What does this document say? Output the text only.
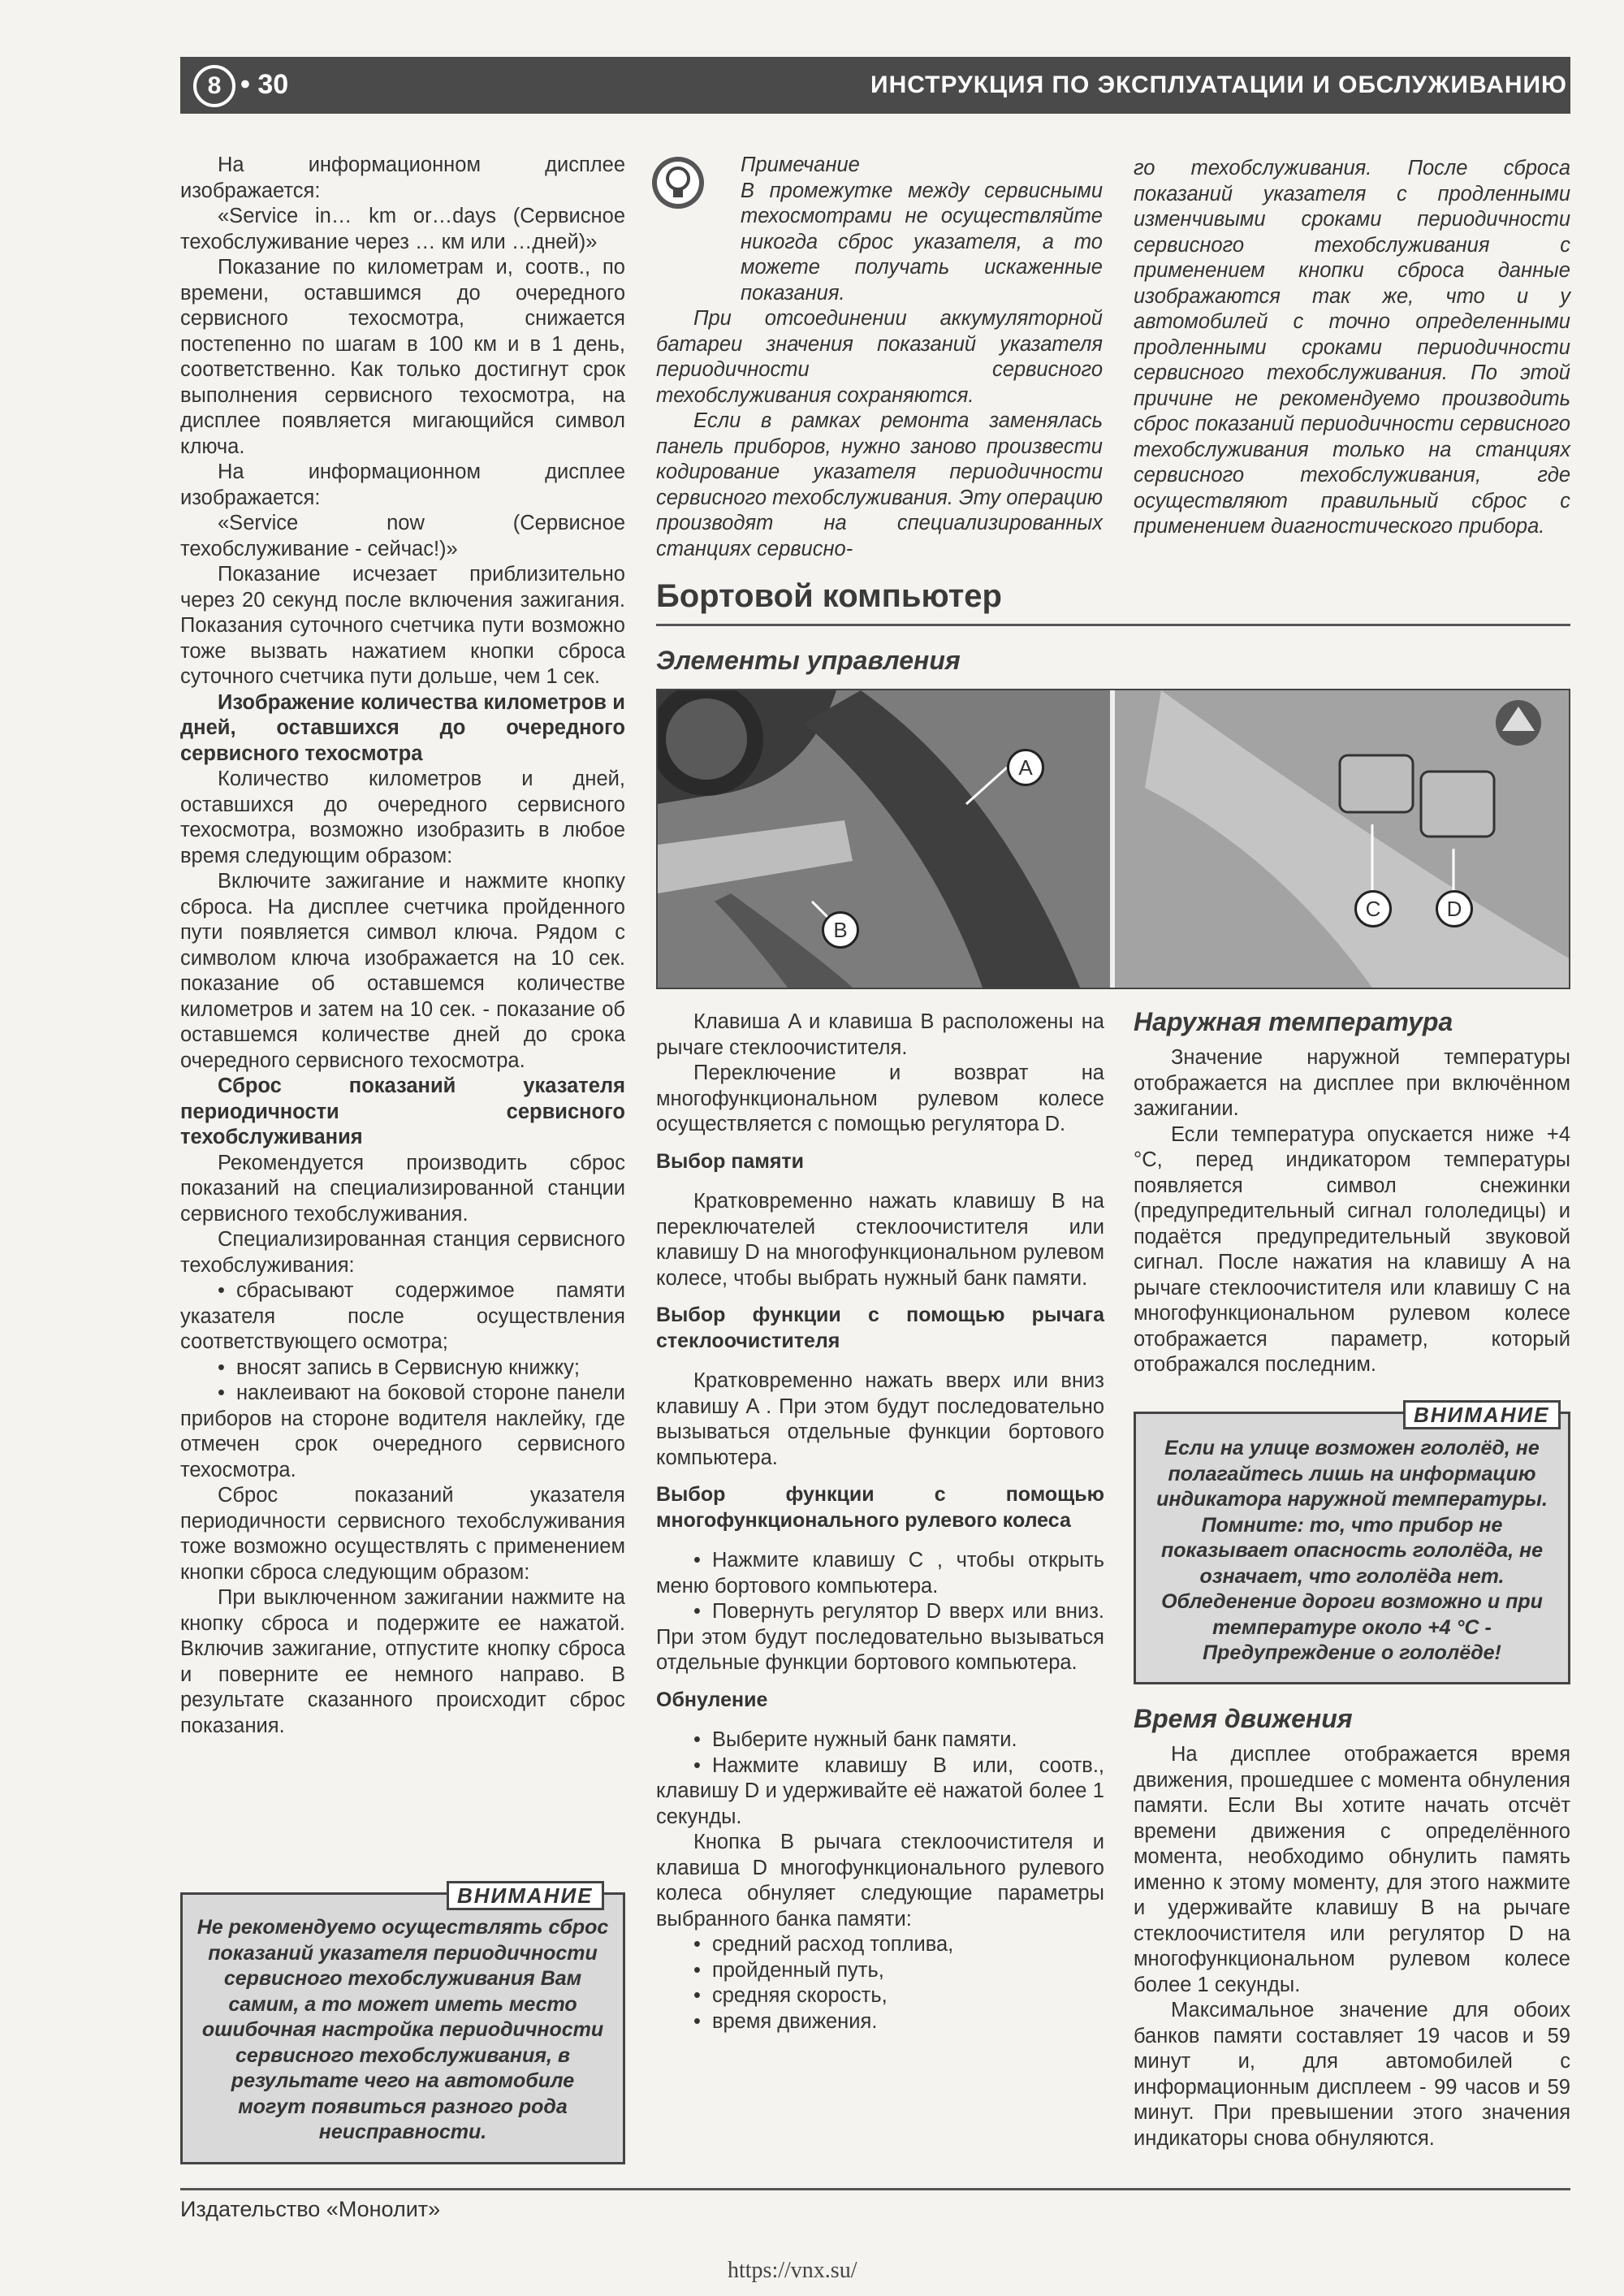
8 • 30	ИНСТРУКЦИЯ ПО ЭКСПЛУАТАЦИИ И ОБСЛУЖИВАНИЮ

На информационном дисплее изображается:

«Service in… km or…days (Сервисное техобслуживание через … км или …дней)»

Показание по километрам и, соотв., по времени, оставшимся до очередного сервисного техосмотра, снижается постепенно по шагам в 100 км и в 1 день, соответственно. Как только достигнут срок выполнения сервисного техосмотра, на дисплее появляется мигающийся символ ключа.

На информационном дисплее изображается:

«Service now (Сервисное техобслуживание - сейчас!)»

Показание исчезает приблизительно через 20 секунд после включения зажигания. Показания суточного счетчика пути возможно тоже вызвать нажатием кнопки сброса суточного счетчика пути дольше, чем 1 сек.

Изображение количества километров и дней, оставшихся до очередного сервисного техосмотра

Количество километров и дней, оставшихся до очередного сервисного техосмотра, возможно изобразить в любое время следующим образом:

Включите зажигание и нажмите кнопку сброса. На дисплее счетчика пройденного пути появляется символ ключа. Рядом с символом ключа изображается на 10 сек. показание об оставшемся количестве километров и затем на 10 сек. - показание об оставшемся количестве дней до срока очередного сервисного техосмотра.

Сброс показаний указателя периодичности сервисного техобслуживания

Рекомендуется производить сброс показаний на специализированной станции сервисного техобслуживания.

Специализированная станция сервисного техобслуживания:

• сбрасывают содержимое памяти указателя после осуществления соответствующего осмотра;

• вносят запись в Сервисную книжку;

• наклеивают на боковой стороне панели приборов на стороне водителя наклейку, где отмечен срок очередного сервисного техосмотра.

Сброс показаний указателя периодичности сервисного техобслуживания тоже возможно осуществлять с применением кнопки сброса следующим образом:

При выключенном зажигании нажмите на кнопку сброса и подержите ее нажатой. Включив зажигание, отпустите кнопку сброса и поверните ее немного направо. В результате сказанного происходит сброс показания.

ВНИМАНИЕ
Не рекомендуемо осуществлять сброс показаний указателя периодичности сервисного техобслуживания Вам самим, а то может иметь место ошибочная настройка периодичности сервисного техобслуживания, в результате чего на автомобиле могут появиться разного рода неисправности.

Примечание

В промежутке между сервисными техосмотрами не осуществляйте никогда сброс указателя, а то можете получать искаженные показания.

При отсоединении аккумуляторной батареи значения показаний указателя периодичности сервисного техобслуживания сохраняются.

Если в рамках ремонта заменялась панель приборов, нужно заново произвести кодирование указателя периодичности сервисного техобслуживания. Эту операцию производят на специализированных станциях сервисно-

го техобслуживания. После сброса показаний указателя с продленными изменчивыми сроками периодичности сервисного техобслуживания с применением кнопки сброса данные изображаются так же, что и у автомобилей с точно определенными продленными сроками периодичности сервисного техобслуживания. По этой причине не рекомендуемо производить сброс показаний периодичности сервисного техобслуживания только на станциях сервисного техобслуживания, где осуществляют правильный сброс с применением диагностического прибора.

Бортовой компьютер
Элементы управления
A
B
C	D

Клавиша A и клавиша B расположены на рычаге стеклоочистителя.

Переключение и возврат на многофункциональном рулевом колесе осуществляется с помощью регулятора D.

Выбор памяти

Кратковременно нажать клавишу B на переключателей стеклоочистителя или клавишу D на многофункциональном рулевом колесе, чтобы выбрать нужный банк памяти.

Выбор функции с помощью рычага стеклоочистителя

Кратковременно нажать вверх или вниз клавишу A . При этом будут последовательно вызываться отдельные функции бортового компьютера.

Выбор функции с помощью многофункционального рулевого колеса

• Нажмите клавишу C , чтобы открыть меню бортового компьютера.

• Повернуть регулятор D вверх или вниз. При этом будут последовательно вызываться отдельные функции бортового компьютера.

Обнуление

• Выберите нужный банк памяти.

• Нажмите клавишу B или, соотв., клавишу D и удерживайте её нажатой более 1 секунды.

Кнопка B рычага стеклоочистителя и клавиша D многофункционального рулевого колеса обнуляет следующие параметры выбранного банка памяти:

• средний расход топлива,

• пройденный путь,

• средняя скорость,

• время движения.

Наружная температура

Значение наружной температуры отображается на дисплее при включённом зажигании.

Если температура опускается ниже +4 °C, перед индикатором температуры появляется символ снежинки (предупредительный сигнал гололедицы) и подаётся предупредительный звуковой сигнал. После нажатия на клавишу A на рычаге стеклоочистителя или клавишу C на многофункциональном рулевом колесе отображается параметр, который отображался последним.

ВНИМАНИЕ
Если на улице возможен гололёд, не полагайтесь лишь на информацию индикатора наружной температуры. Помните: то, что прибор не показывает опасность гололёда, не означает, что гололёда нет. Обледенение дороги возможно и при температуре около +4 °C - Предупреждение о гололёде!

Время движения

На дисплее отображается время движения, прошедшее с момента обнуления памяти. Если Вы хотите начать отсчёт времени движения с определённого момента, необходимо обнулить память именно к этому моменту, для этого нажмите и удерживайте клавишу B на рычаге стеклоочистителя или регулятор D на многофункциональном рулевом колесе более 1 секунды.

Максимальное значение для обоих банков памяти составляет 19 часов и 59 минут и, для автомобилей с информационным дисплеем - 99 часов и 59 минут. При превышении этого значения индикаторы снова обнуляются.

Издательство «Монолит»
https://vnx.su/
